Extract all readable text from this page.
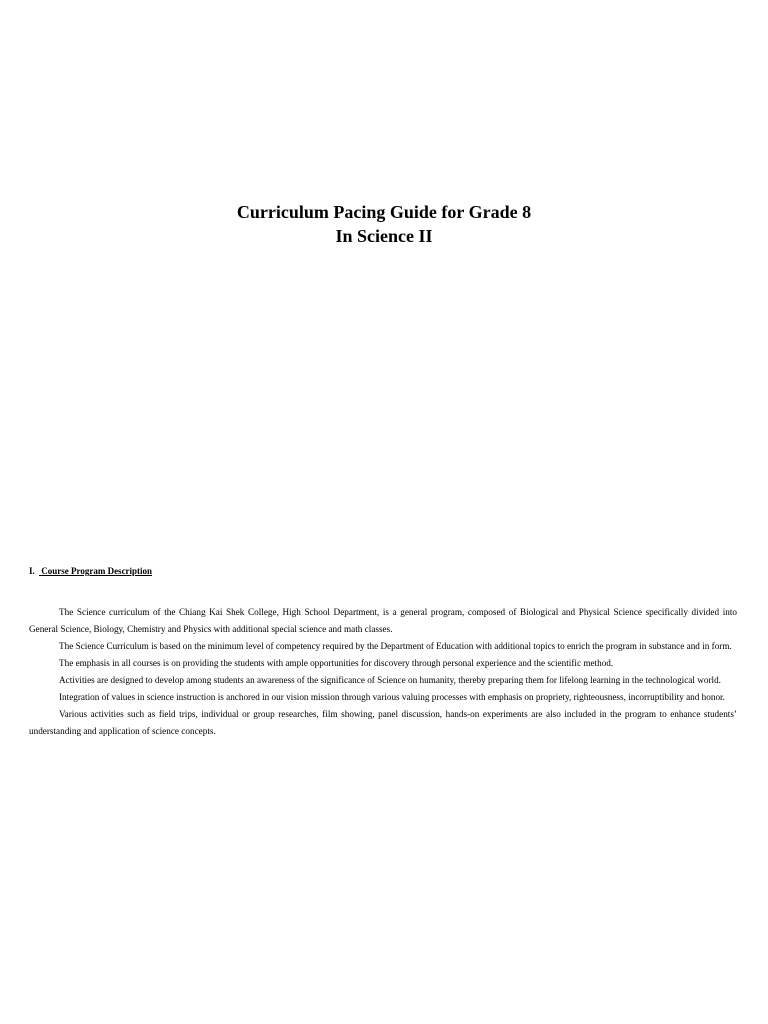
Curriculum Pacing Guide for Grade 8
In Science II
I. Course Program Description

The Science curriculum of the Chiang Kai Shek College, High School Department, is a general program, composed of Biological and Physical Science specifically divided into General Science, Biology, Chemistry and Physics with additional special science and math classes.

The Science Curriculum is based on the minimum level of competency required by the Department of Education with additional topics to enrich the program in substance and in form.

The emphasis in all courses is on providing the students with ample opportunities for discovery through personal experience and the scientific method.

Activities are designed to develop among students an awareness of the significance of Science on humanity, thereby preparing them for lifelong learning in the technological world.

Integration of values in science instruction is anchored in our vision mission through various valuing processes with emphasis on propriety, righteousness, incorruptibility and honor.

Various activities such as field trips, individual or group researches, film showing, panel discussion, hands-on experiments are also included in the program to enhance students’ understanding and application of science concepts.
